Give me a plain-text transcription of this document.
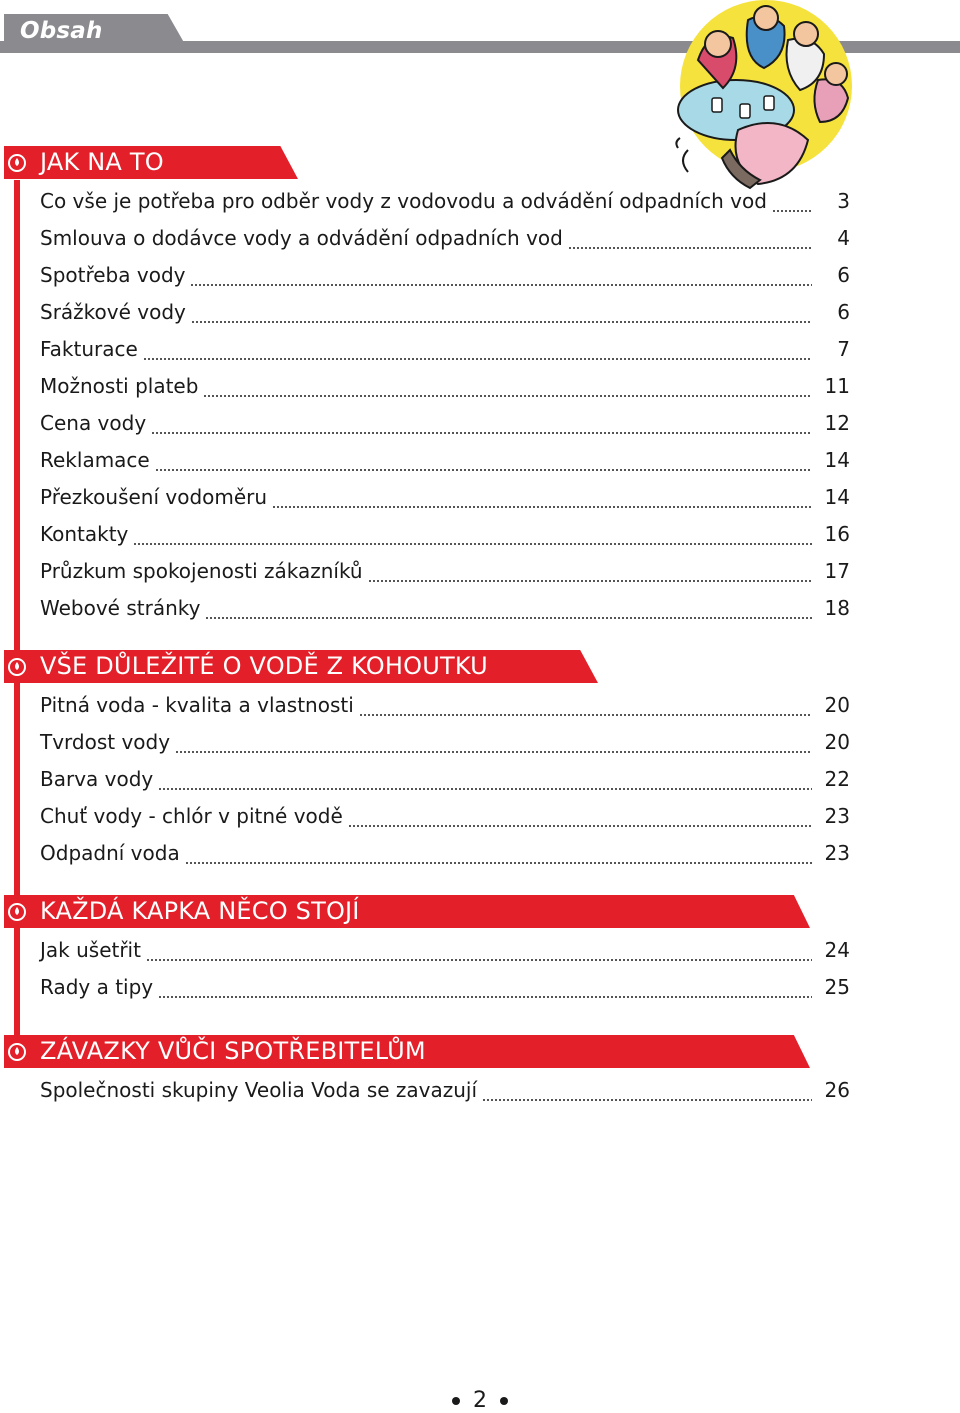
Obsah
JAK NA TO
Co vše je potřeba pro odběr vody z vodovodu a odvádění odpadních vod	3
Smlouva o dodávce vody a odvádění odpadních vod	4
Spotřeba vody	6
Srážkové vody	6
Fakturace	7
Možnosti plateb	11
Cena vody	12
Reklamace	14
Přezkoušení vodoměru	14
Kontakty	16
Průzkum spokojenosti zákazníků	17
Webové stránky	18
VŠE DŮLEŽITÉ O VODĚ Z KOHOUTKU
Pitná voda - kvalita a vlastnosti	20
Tvrdost vody	20
Barva vody	22
Chuť vody - chlór v pitné vodě	23
Odpadní voda	23
KAŽDÁ KAPKA NĚCO STOJÍ
Jak ušetřit	24
Rady a tipy	25
ZÁVAZKY VŮČI SPOTŘEBITELŮM
Společnosti skupiny Veolia Voda se zavazují	26
2
